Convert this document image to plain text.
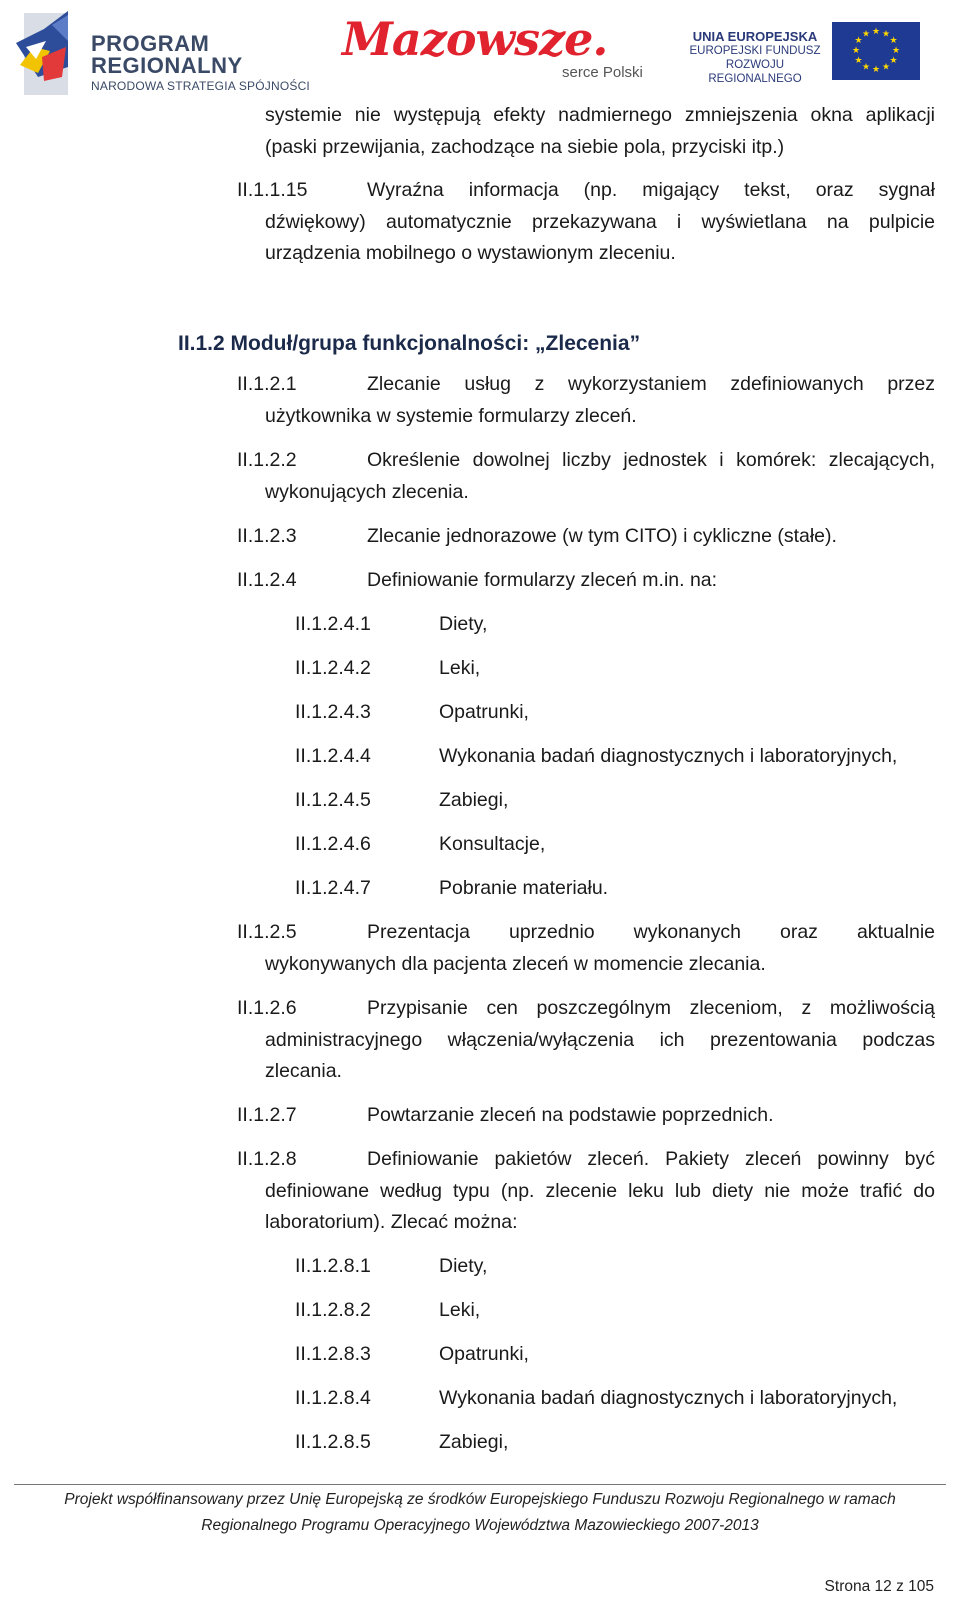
PROGRAM
REGIONALNY
NARODOWA STRATEGIA SPÓJNOŚCI
Mazowsze.
serce Polski
UNIA EUROPEJSKA
EUROPEJSKI FUNDUSZ
ROZWOJU REGIONALNEGO
★ ★
★
★
★
★
★
★
★
★
★
★
systemie nie występują efekty nadmiernego zmniejszenia okna aplikacji
(paski przewijania, zachodzące na siebie pola, przyciski itp.)
II.1.1.15	Wyraźna informacja (np. migający tekst, oraz sygnał
dźwiękowy) automatycznie przekazywana i wyświetlana na pulpicie
urządzenia mobilnego o wystawionym zleceniu.
II.1.2 Moduł/grupa funkcjonalności: „Zlecenia”
II.1.2.1	Zlecanie usług z wykorzystaniem zdefiniowanych przez
użytkownika w systemie formularzy zleceń.
II.1.2.2	Określenie dowolnej liczby jednostek i komórek: zlecających,
wykonujących zlecenia.
II.1.2.3	Zlecanie jednorazowe (w tym CITO) i cykliczne (stałe).
II.1.2.4	Definiowanie formularzy zleceń m.in. na:
II.1.2.4.1	Diety,
II.1.2.4.2	Leki,
II.1.2.4.3	Opatrunki,
II.1.2.4.4	Wykonania badań diagnostycznych i laboratoryjnych,
II.1.2.4.5	Zabiegi,
II.1.2.4.6	Konsultacje,
II.1.2.4.7	Pobranie materiału.
II.1.2.5	Prezentacja uprzednio wykonanych oraz aktualnie
wykonywanych dla pacjenta zleceń w momencie zlecania.
II.1.2.6	Przypisanie cen poszczególnym zleceniom, z możliwością
administracyjnego włączenia/wyłączenia ich prezentowania podczas
zlecania.
II.1.2.7	Powtarzanie zleceń na podstawie poprzednich.
II.1.2.8	Definiowanie pakietów zleceń. Pakiety zleceń powinny być
definiowane według typu (np. zlecenie leku lub diety nie może trafić do
laboratorium). Zlecać można:
II.1.2.8.1	Diety,
II.1.2.8.2	Leki,
II.1.2.8.3	Opatrunki,
II.1.2.8.4	Wykonania badań diagnostycznych i laboratoryjnych,
II.1.2.8.5	Zabiegi,
Projekt współfinansowany przez Unię Europejską ze środków Europejskiego Funduszu Rozwoju Regionalnego w ramach
Regionalnego Programu Operacyjnego Województwa Mazowieckiego 2007-2013
Strona 12 z 105
